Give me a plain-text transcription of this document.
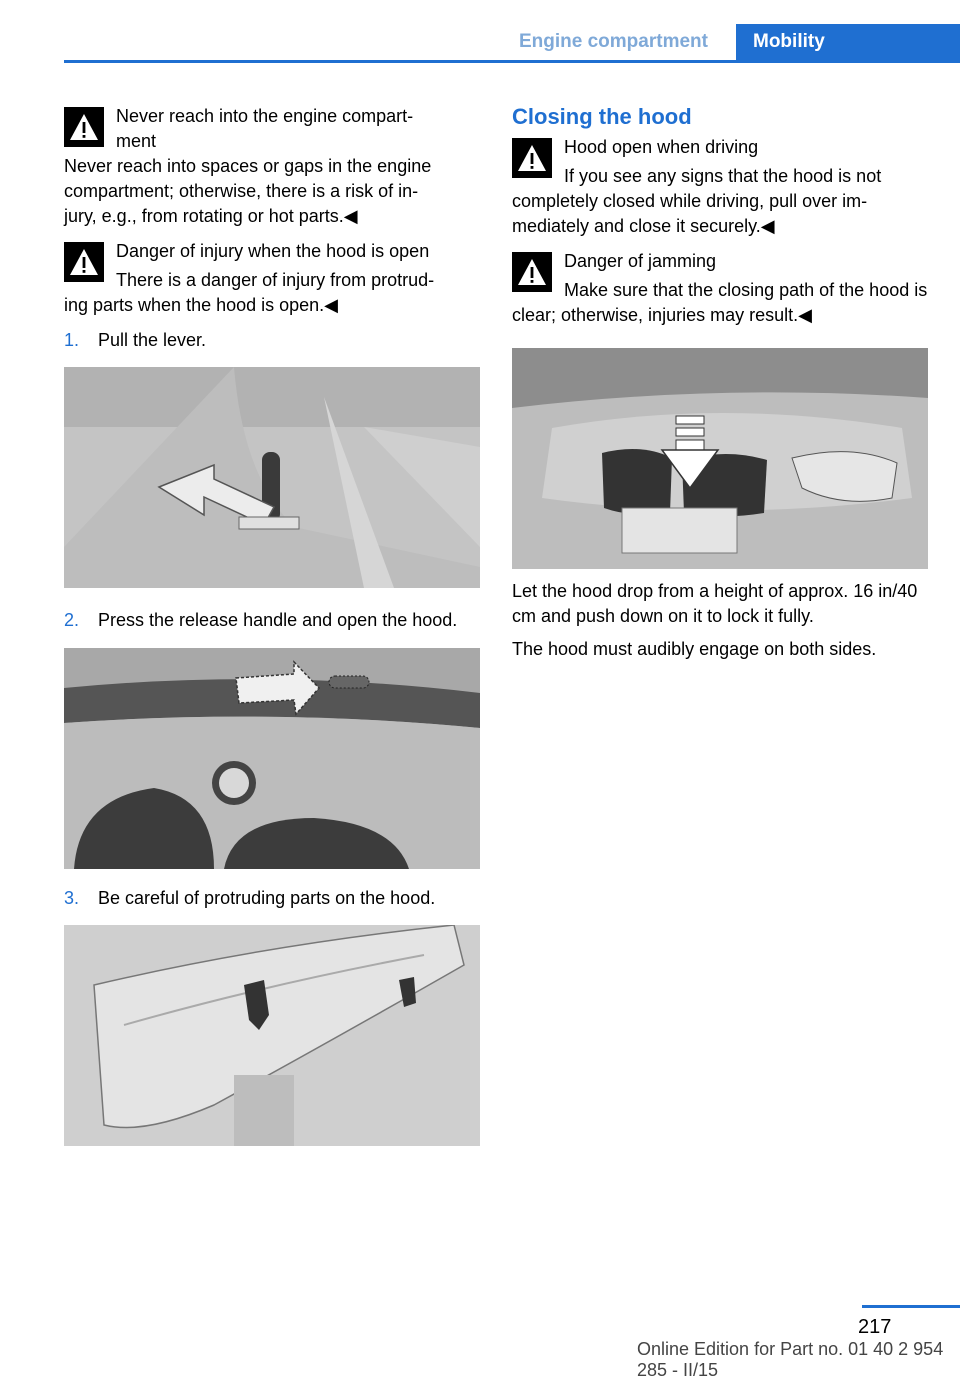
Engine compartment	Mobility
Never reach into the engine compart-
ment

Never reach into spaces or gaps in the engine compartment; otherwise, there is a risk of in-
jury, e.g., from rotating or hot parts.◀

Danger of injury when the hood is open

There is a danger of injury from protrud-
ing parts when the hood is open.◀

1. Pull the lever.
2. Press the release handle and open the hood.
3. Be careful of protruding parts on the hood.
Closing the hood
Hood open when driving

If you see any signs that the hood is not completely closed while driving, pull over im-
mediately and close it securely.◀

Danger of jamming

Make sure that the closing path of the hood is clear; otherwise, injuries may result.◀

Let the hood drop from a height of approx. 16 in/40 cm and push down on it to lock it fully.

The hood must audibly engage on both sides.

217
Online Edition for Part no. 01 40 2 954 285 - II/15
